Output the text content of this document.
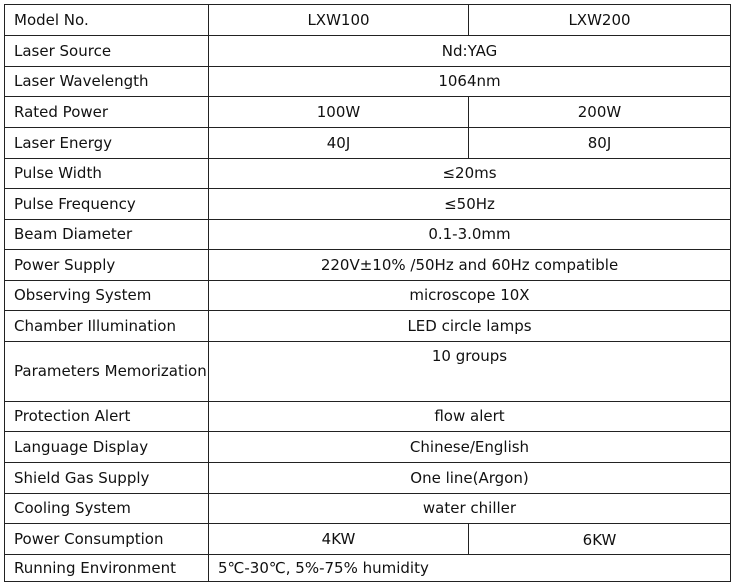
Model No.	LXW100	LXW200
Laser Source	Nd:YAG	
Laser Wavelength	1064nm	
Rated Power	100W	200W
Laser Energy	40J	80J
Pulse Width	≤20ms	
Pulse Frequency	≤50Hz	
Beam Diameter	0.1-3.0mm	
Power Supply	220V±10% /50Hz and 60Hz compatible	
Observing System	microscope 10X	
Chamber Illumination	LED circle lamps	
Parameters Memorization	10 groups	
Protection Alert	flow alert	
Language Display	Chinese/English	
Shield Gas Supply	One line(Argon)	
Cooling System	water chiller	
Power Consumption	4KW	6KW
Running Environment	5℃-30℃, 5%-75% humidity	
